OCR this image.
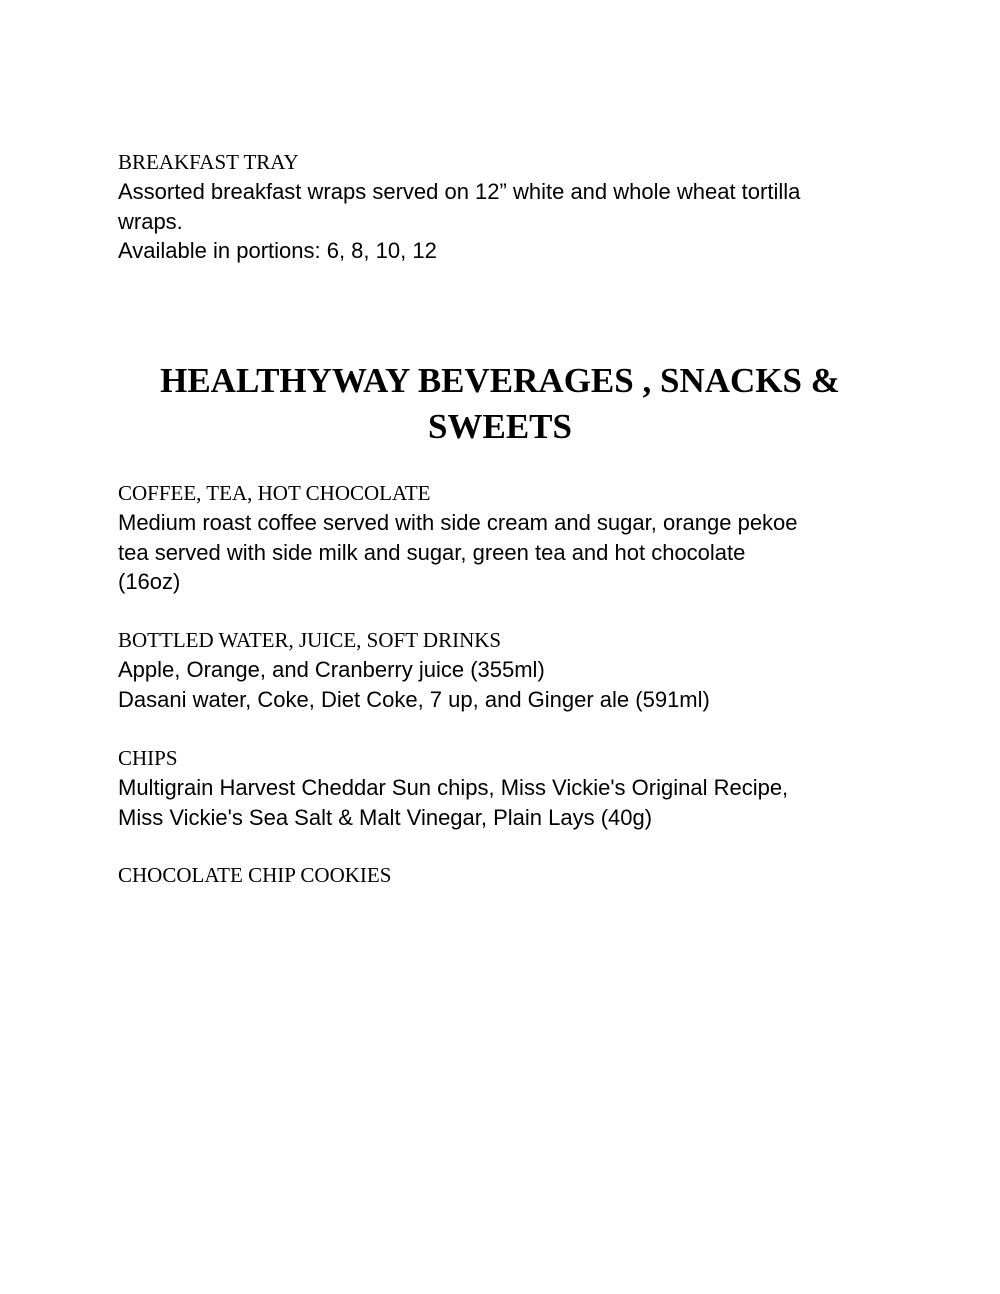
BREAKFAST TRAY

Assorted breakfast wraps served on 12” white and whole wheat tortilla

wraps.

Available in portions: 6, 8, 10, 12

HEALTHYWAY BEVERAGES , SNACKS &
SWEETS

COFFEE, TEA, HOT CHOCOLATE

Medium roast coffee served with side cream and sugar, orange pekoe

tea served with side milk and sugar, green tea and hot chocolate

(16oz)

BOTTLED WATER, JUICE, SOFT DRINKS

Apple, Orange, and Cranberry juice (355ml)

Dasani water, Coke, Diet Coke, 7 up, and Ginger ale (591ml)

CHIPS

Multigrain Harvest Cheddar Sun chips, Miss Vickie's Original Recipe,

Miss Vickie's Sea Salt & Malt Vinegar, Plain Lays (40g)

CHOCOLATE CHIP COOKIES
